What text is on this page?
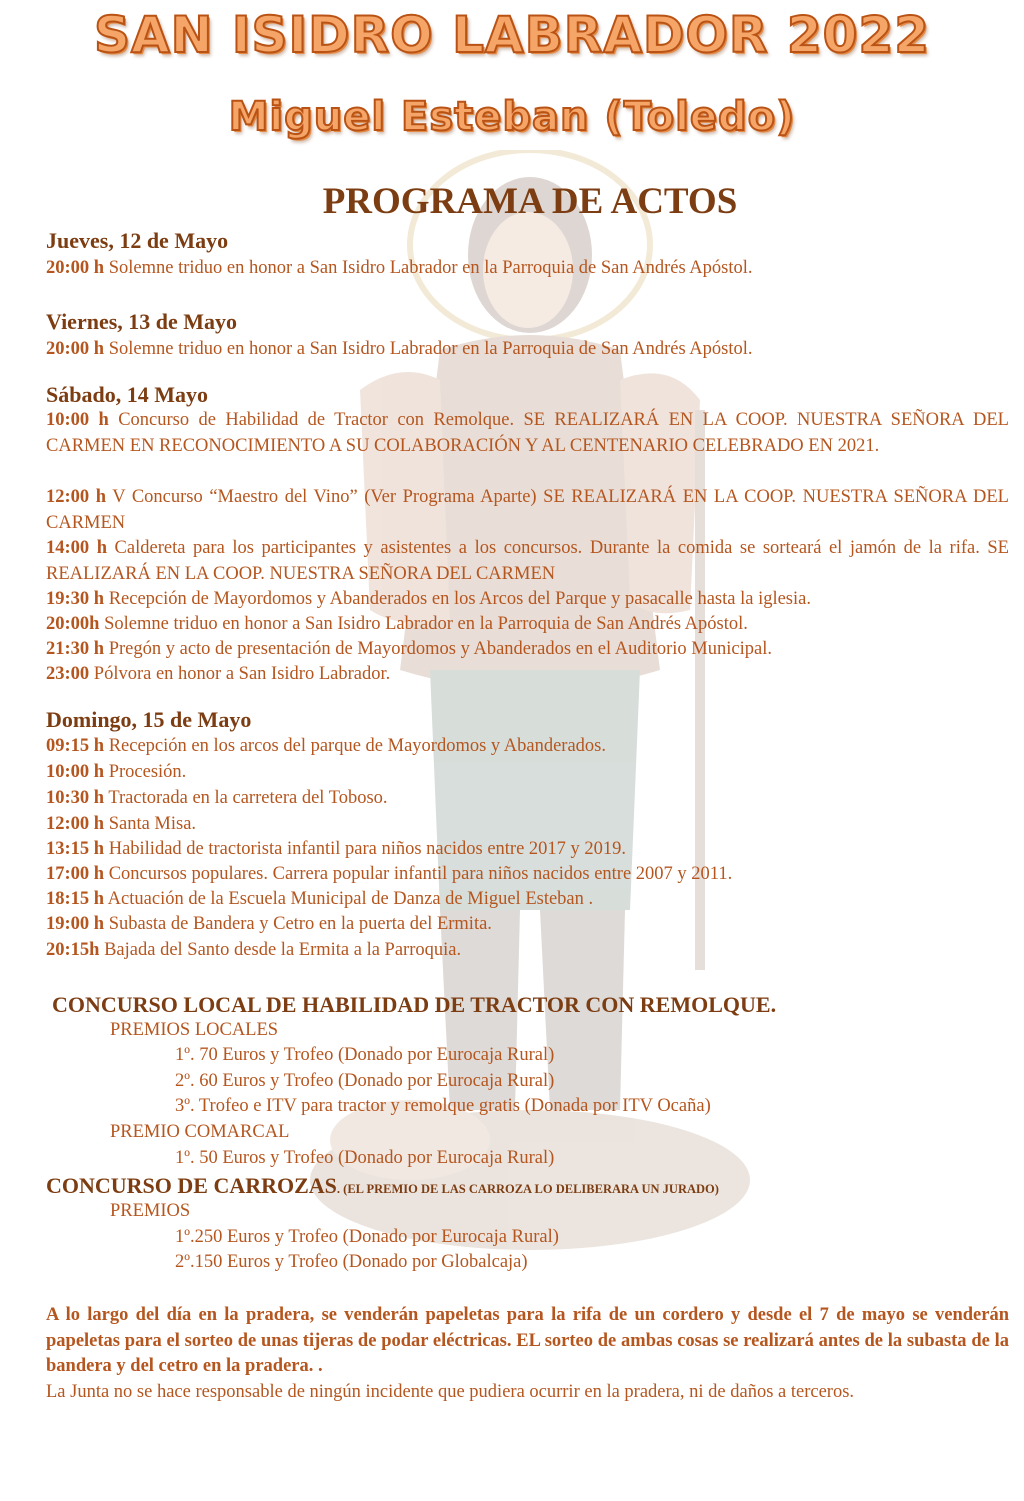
SAN ISIDRO LABRADOR 2022
Miguel Esteban (Toledo)
PROGRAMA DE ACTOS
Jueves, 12 de Mayo
20:00 h Solemne triduo en honor a San Isidro Labrador en la Parroquia de San Andrés Apóstol.
Viernes, 13 de Mayo
20:00 h Solemne triduo en honor a San Isidro Labrador en la Parroquia de San Andrés Apóstol.
Sábado, 14 Mayo
10:00 h Concurso de Habilidad de Tractor con Remolque. SE REALIZARÁ EN LA COOP. NUESTRA SEÑORA DEL CARMEN EN RECONOCIMIENTO A SU COLABORACIÓN Y AL CENTENARIO CELEBRADO EN 2021.
12:00 h V Concurso “Maestro del Vino” (Ver Programa Aparte) SE REALIZARÁ EN LA COOP. NUESTRA SEÑORA DEL CARMEN
14:00 h Caldereta para los participantes y asistentes a los concursos. Durante la comida se sorteará el jamón de la rifa. SE REALIZARÁ EN LA COOP. NUESTRA SEÑORA DEL CARMEN
19:30 h Recepción de Mayordomos y Abanderados en los Arcos del Parque y pasacalle hasta la iglesia.
20:00h Solemne triduo en honor a San Isidro Labrador en la Parroquia de San Andrés Apóstol.
21:30 h Pregón y acto de presentación de Mayordomos y Abanderados en el Auditorio Municipal.
23:00 Pólvora en honor a San Isidro Labrador.
Domingo, 15 de Mayo
09:15 h Recepción en los arcos del parque de Mayordomos y Abanderados.
10:00 h Procesión.
10:30 h Tractorada en la carretera del Toboso.
12:00 h Santa Misa.
13:15 h Habilidad de tractorista infantil para niños nacidos entre 2017 y 2019.
17:00 h Concursos populares. Carrera popular infantil para niños nacidos entre 2007 y 2011.
18:15 h Actuación de la Escuela Municipal de Danza de Miguel Esteban .
19:00 h Subasta de Bandera y Cetro en la puerta del Ermita.
20:15h Bajada del Santo desde la Ermita a la Parroquia.
CONCURSO LOCAL DE HABILIDAD DE TRACTOR CON REMOLQUE.
PREMIOS LOCALES
1º. 70 Euros y Trofeo (Donado por Eurocaja Rural)
2º. 60 Euros y Trofeo (Donado por Eurocaja Rural)
3º. Trofeo e ITV para tractor y remolque gratis (Donada por ITV Ocaña)
PREMIO COMARCAL
1º. 50 Euros y Trofeo (Donado por Eurocaja Rural)
CONCURSO DE CARROZAS. (EL PREMIO DE LAS CARROZA LO DELIBERARA UN JURADO)
PREMIOS
1º.250 Euros y Trofeo (Donado por Eurocaja Rural)
2º.150 Euros y Trofeo (Donado por Globalcaja)
A lo largo del día en la pradera, se venderán papeletas para la rifa de un cordero y desde el 7 de mayo se venderán papeletas para el sorteo de unas tijeras de podar eléctricas. EL sorteo de ambas cosas se realizará antes de la subasta de la bandera y del cetro en la pradera. .
La Junta no se hace responsable de ningún incidente que pudiera ocurrir en la pradera, ni de daños a terceros.
